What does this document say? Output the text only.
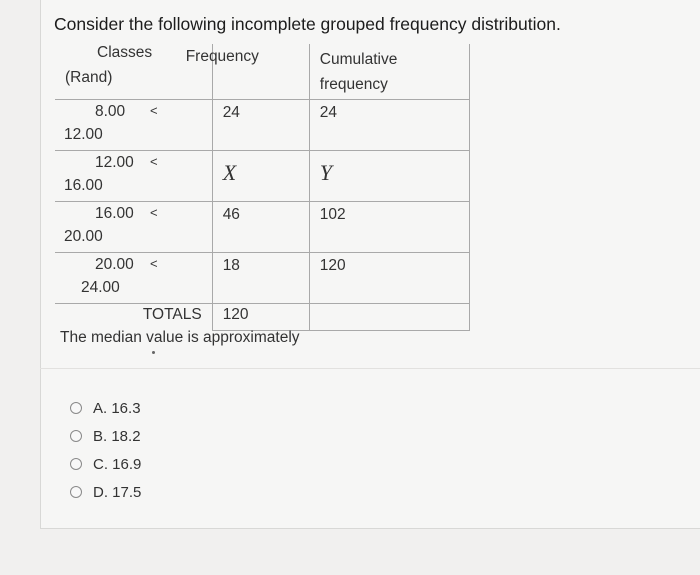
Consider the following incomplete grouped frequency distribution.
Classes
(Rand)	Frequency	Cumulative
frequency

8.00 <
12.00	24	24

12.00 <
16.00	X	Y

16.00 <
20.00	46	102

20.00 <
24.00	18	120

TOTALS	120	

The median value is approximately
A. 16.3
B. 18.2
C. 16.9
D. 17.5
